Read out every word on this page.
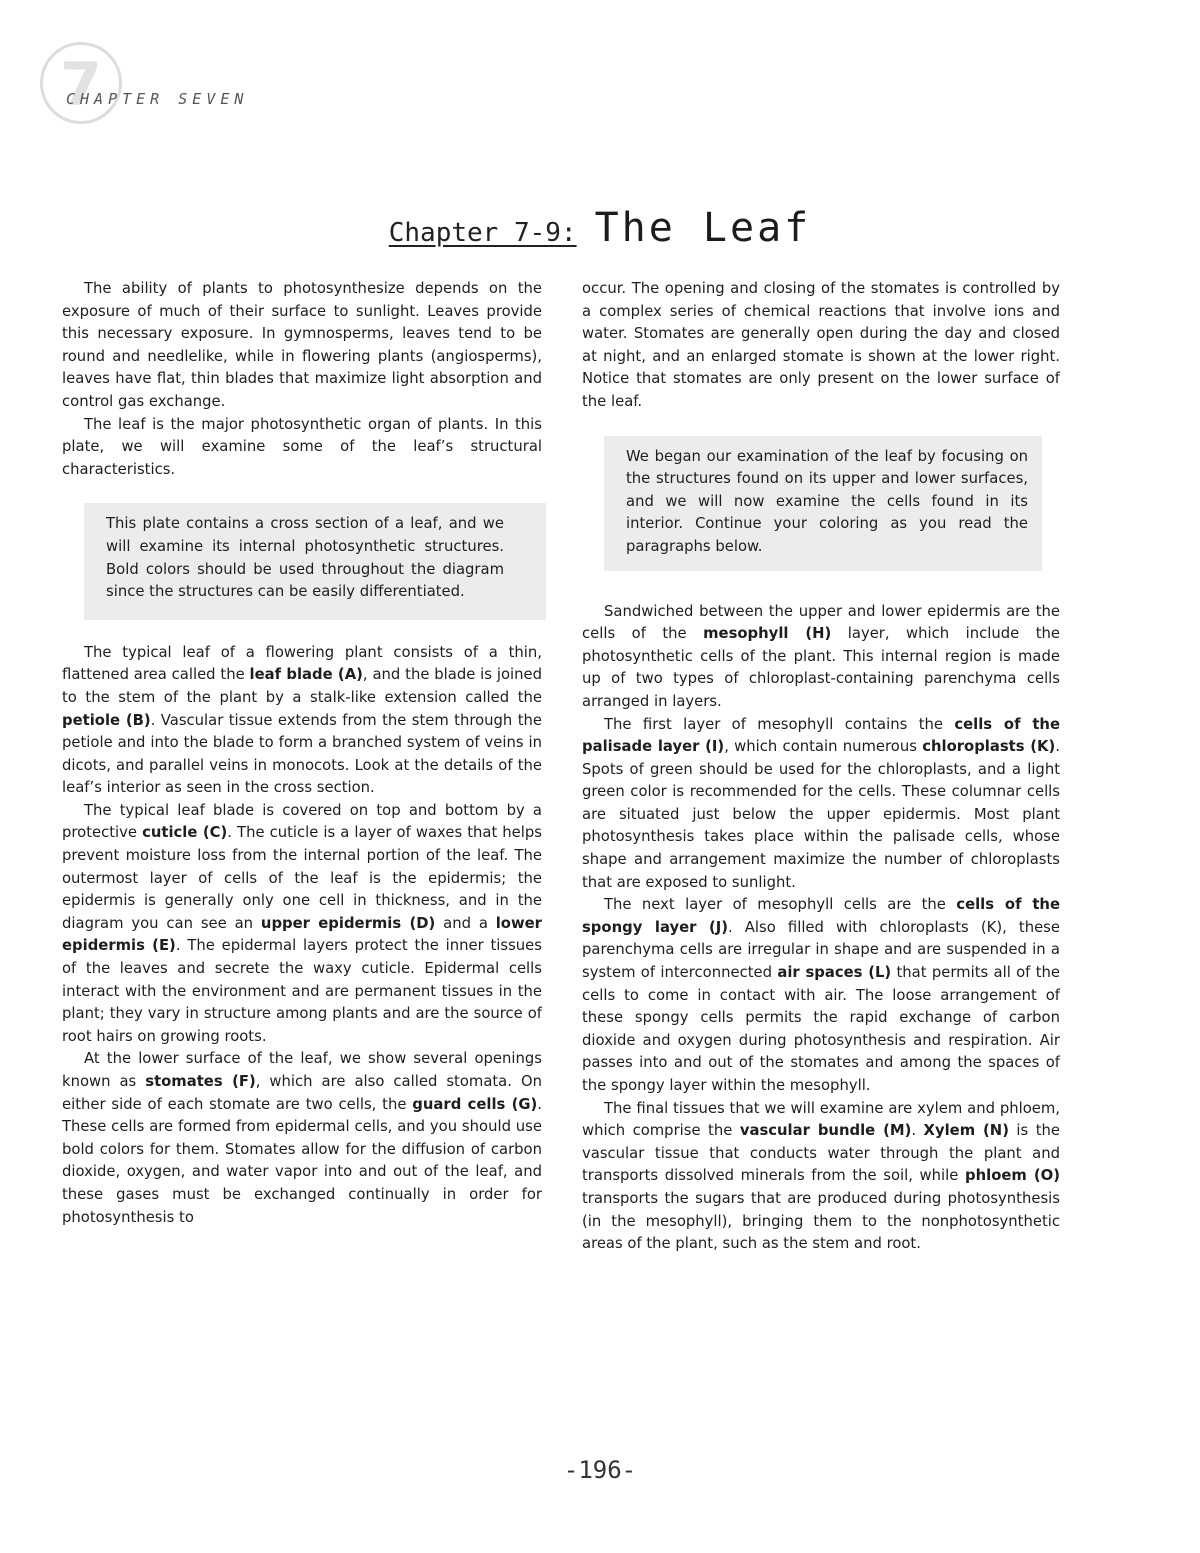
7
CHAPTER SEVEN
Chapter 7-9: The Leaf

The ability of plants to photosynthesize depends on the exposure of much of their surface to sunlight. Leaves provide this necessary exposure. In gymnosperms, leaves tend to be round and needlelike, while in flowering plants (angiosperms), leaves have flat, thin blades that maximize light absorption and control gas exchange.

The leaf is the major photosynthetic organ of plants. In this plate, we will examine some of the leaf’s structural characteristics.

This plate contains a cross section of a leaf, and we will examine its internal photosynthetic structures. Bold colors should be used throughout the diagram since the structures can be easily differentiated.

The typical leaf of a flowering plant consists of a thin, flattened area called the leaf blade (A), and the blade is joined to the stem of the plant by a stalk-like extension called the petiole (B). Vascular tissue extends from the stem through the petiole and into the blade to form a branched system of veins in dicots, and parallel veins in monocots. Look at the details of the leaf’s interior as seen in the cross section.

The typical leaf blade is covered on top and bottom by a protective cuticle (C). The cuticle is a layer of waxes that helps prevent moisture loss from the internal portion of the leaf. The outermost layer of cells of the leaf is the epidermis; the epidermis is generally only one cell in thickness, and in the diagram you can see an upper epidermis (D) and a lower epidermis (E). The epidermal layers protect the inner tissues of the leaves and secrete the waxy cuticle. Epidermal cells interact with the environment and are permanent tissues in the plant; they vary in structure among plants and are the source of root hairs on growing roots.

At the lower surface of the leaf, we show several openings known as stomates (F), which are also called stomata. On either side of each stomate are two cells, the guard cells (G). These cells are formed from epidermal cells, and you should use bold colors for them. Stomates allow for the diffusion of carbon dioxide, oxygen, and water vapor into and out of the leaf, and these gases must be exchanged continually in order for photosynthesis to

occur. The opening and closing of the stomates is controlled by a complex series of chemical reactions that involve ions and water. Stomates are generally open during the day and closed at night, and an enlarged stomate is shown at the lower right. Notice that stomates are only present on the lower surface of the leaf.

We began our examination of the leaf by focusing on the structures found on its upper and lower surfaces, and we will now examine the cells found in its interior. Continue your coloring as you read the paragraphs below.

Sandwiched between the upper and lower epidermis are the cells of the mesophyll (H) layer, which include the photosynthetic cells of the plant. This internal region is made up of two types of chloroplast-containing parenchyma cells arranged in layers.

The first layer of mesophyll contains the cells of the palisade layer (I), which contain numerous chloroplasts (K). Spots of green should be used for the chloroplasts, and a light green color is recommended for the cells. These columnar cells are situated just below the upper epidermis. Most plant photosynthesis takes place within the palisade cells, whose shape and arrangement maximize the number of chloroplasts that are exposed to sunlight.

The next layer of mesophyll cells are the cells of the spongy layer (J). Also filled with chloroplasts (K), these parenchyma cells are irregular in shape and are suspended in a system of interconnected air spaces (L) that permits all of the cells to come in contact with air. The loose arrangement of these spongy cells permits the rapid exchange of carbon dioxide and oxygen during photosynthesis and respiration. Air passes into and out of the stomates and among the spaces of the spongy layer within the mesophyll.

The final tissues that we will examine are xylem and phloem, which comprise the vascular bundle (M). Xylem (N) is the vascular tissue that conducts water through the plant and transports dissolved minerals from the soil, while phloem (O) transports the sugars that are produced during photosynthesis (in the mesophyll), bringing them to the nonphotosynthetic areas of the plant, such as the stem and root.

-196-
